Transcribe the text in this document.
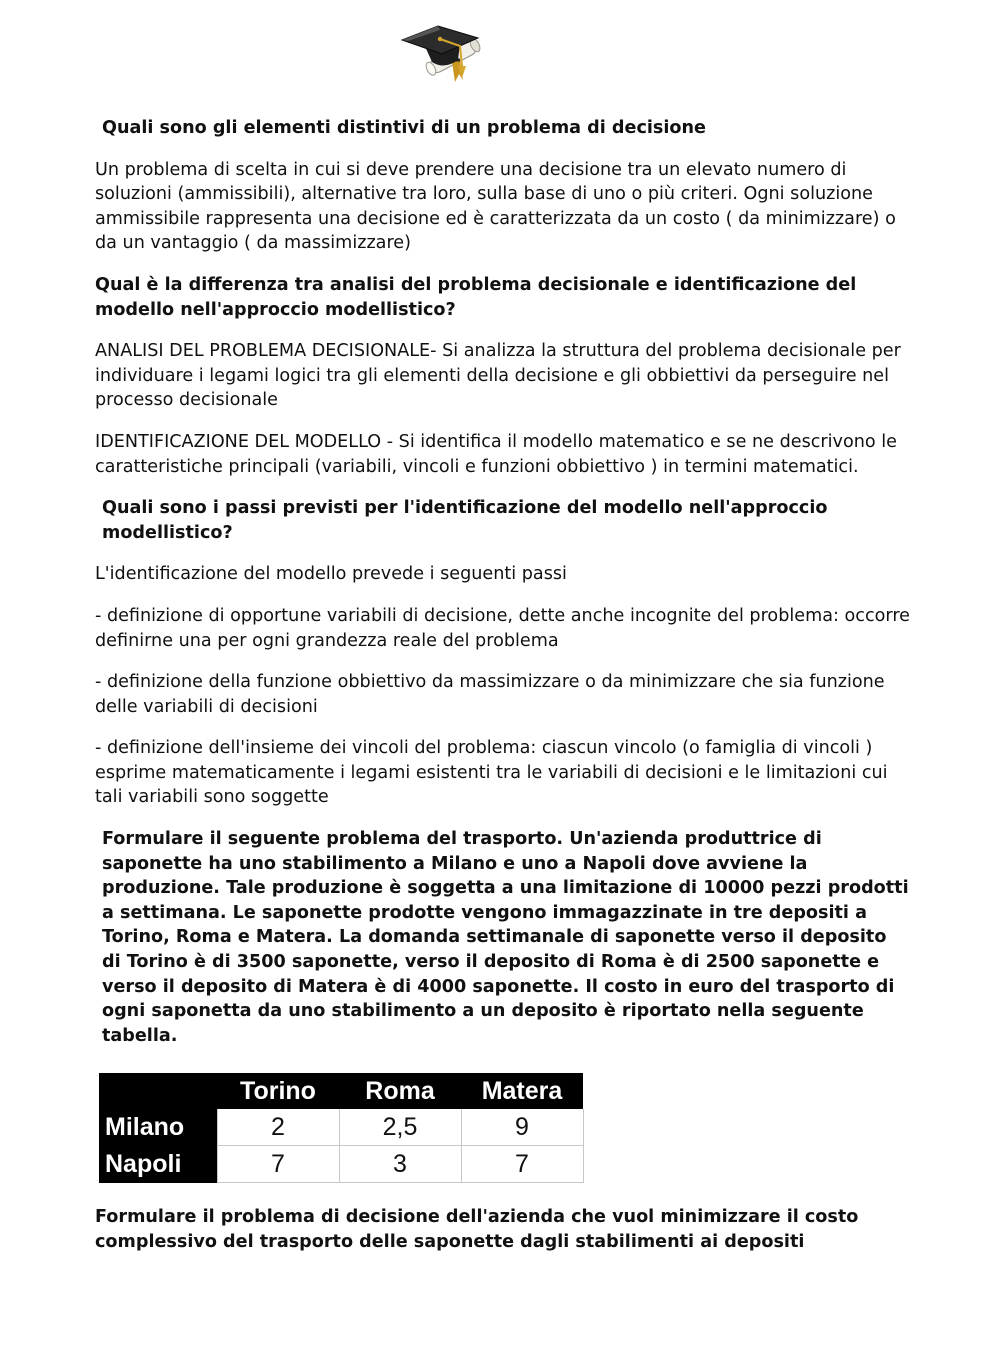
Quali sono gli elementi distintivi di un problema di decisione

Un problema di scelta in cui si deve prendere una decisione tra un elevato numero di soluzioni (ammissibili), alternative tra loro, sulla base di uno o più criteri. Ogni soluzione ammissibile rappresenta una decisione ed è caratterizzata da un costo ( da minimizzare) o da un vantaggio ( da massimizzare)

Qual è la differenza tra analisi del problema decisionale e identificazione del modello nell'approccio modellistico?

ANALISI DEL PROBLEMA DECISIONALE- Si analizza la struttura del problema decisionale per individuare i legami logici tra gli elementi della decisione e gli obbiettivi da perseguire nel processo decisionale

IDENTIFICAZIONE DEL MODELLO - Si identifica il modello matematico e se ne descrivono le caratteristiche principali (variabili, vincoli e funzioni obbiettivo ) in termini matematici.

Quali sono i passi previsti per l'identificazione del modello nell'approccio modellistico?

L'identificazione del modello prevede i seguenti passi

- definizione di opportune variabili di decisione, dette anche incognite del problema: occorre definirne una per ogni grandezza reale del problema

- definizione della funzione obbiettivo da massimizzare o da minimizzare che sia funzione delle variabili di decisioni

- definizione dell'insieme dei vincoli del problema: ciascun vincolo (o famiglia di vincoli ) esprime matematicamente i legami esistenti tra le variabili di decisioni e le limitazioni cui tali variabili sono soggette

Formulare il seguente problema del trasporto. Un'azienda produttrice di saponette ha uno stabilimento a Milano e uno a Napoli dove avviene la produzione. Tale produzione è soggetta a una limitazione di 10000 pezzi prodotti a settimana. Le saponette prodotte vengono immagazzinate in tre depositi a Torino, Roma e Matera. La domanda settimanale di saponette verso il deposito di Torino è di 3500 saponette, verso il deposito di Roma è di 2500 saponette e verso il deposito di Matera è di 4000 saponette. Il costo in euro del trasporto di ogni saponetta da uno stabilimento a un deposito è riportato nella seguente tabella.

	Torino	Roma	Matera
Milano	2	2,5	9
Napoli	7	3	7

Formulare il problema di decisione dell'azienda che vuol minimizzare il costo complessivo del trasporto delle saponette dagli stabilimenti ai depositi
